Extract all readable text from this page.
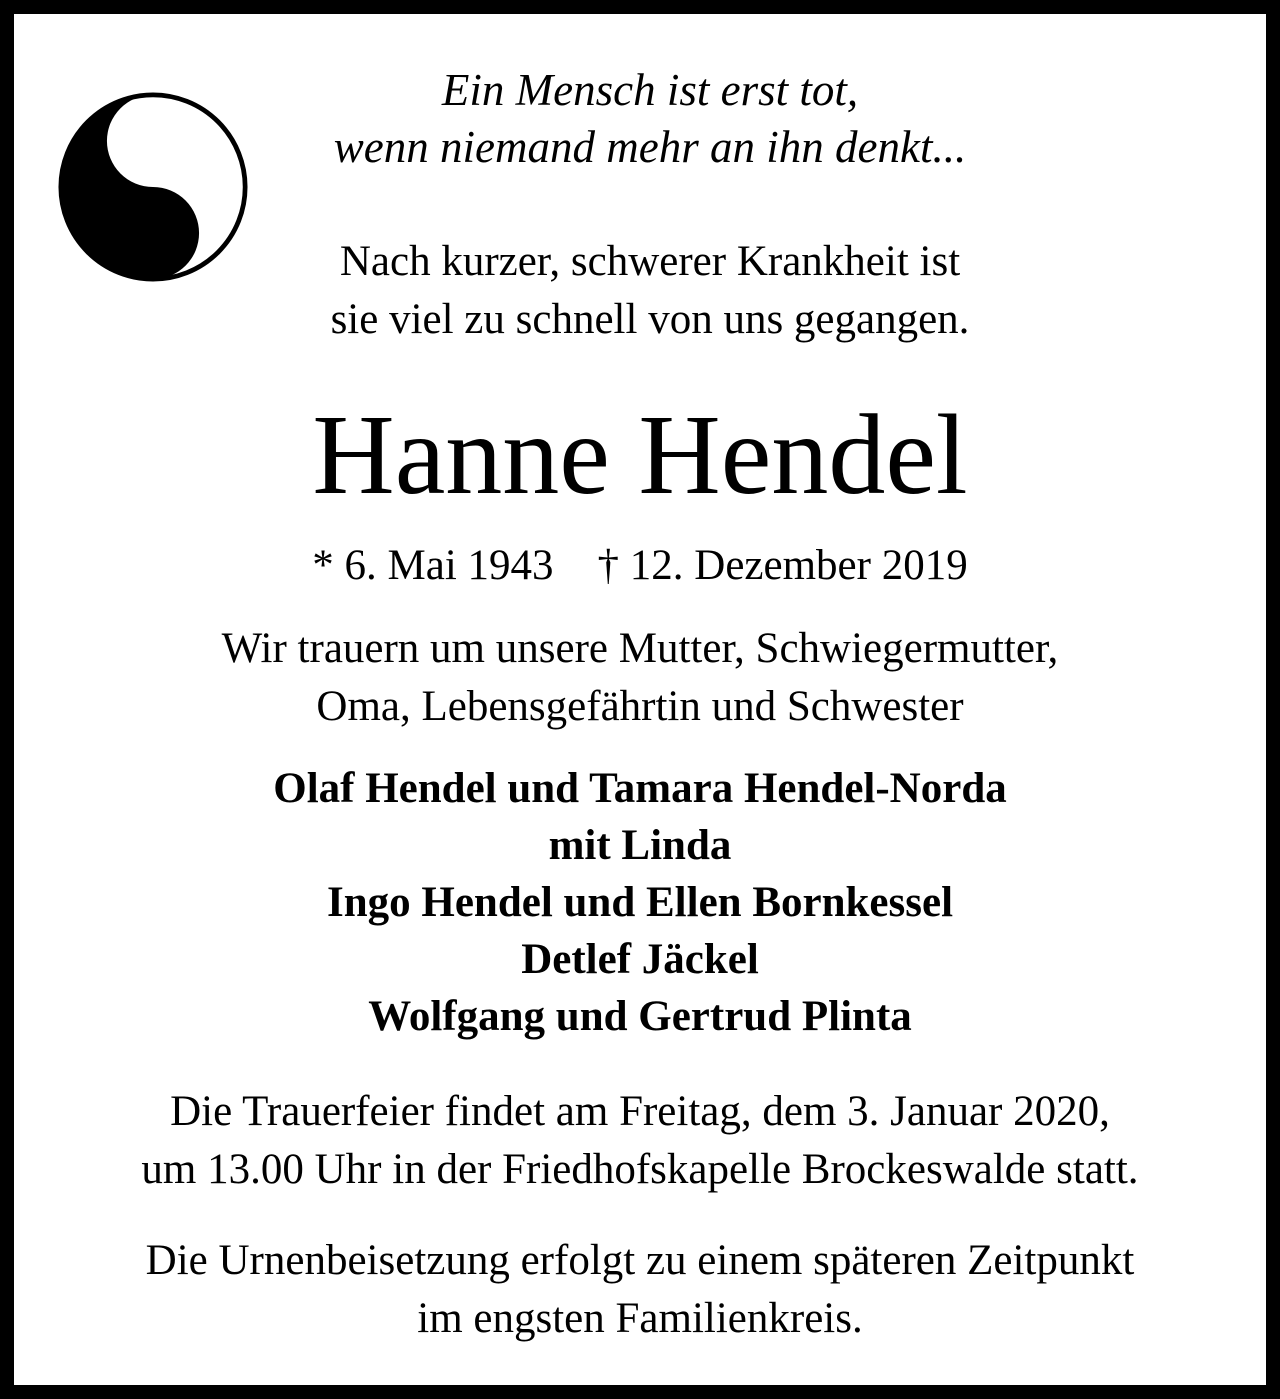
Ein Mensch ist erst tot,
wenn niemand mehr an ihn denkt...
Nach kurzer, schwerer Krankheit ist
sie viel zu schnell von uns gegangen.
Hanne Hendel
* 6. Mai 1943 † 12. Dezember 2019
Wir trauern um unsere Mutter, Schwiegermutter,
Oma, Lebensgefährtin und Schwester
Olaf Hendel und Tamara Hendel-Norda
mit Linda
Ingo Hendel und Ellen Bornkessel
Detlef Jäckel
Wolfgang und Gertrud Plinta
Die Trauerfeier findet am Freitag, dem 3. Januar 2020,
um 13.00 Uhr in der Friedhofskapelle Brockeswalde statt.
Die Urnenbeisetzung erfolgt zu einem späteren Zeitpunkt
im engsten Familienkreis.
